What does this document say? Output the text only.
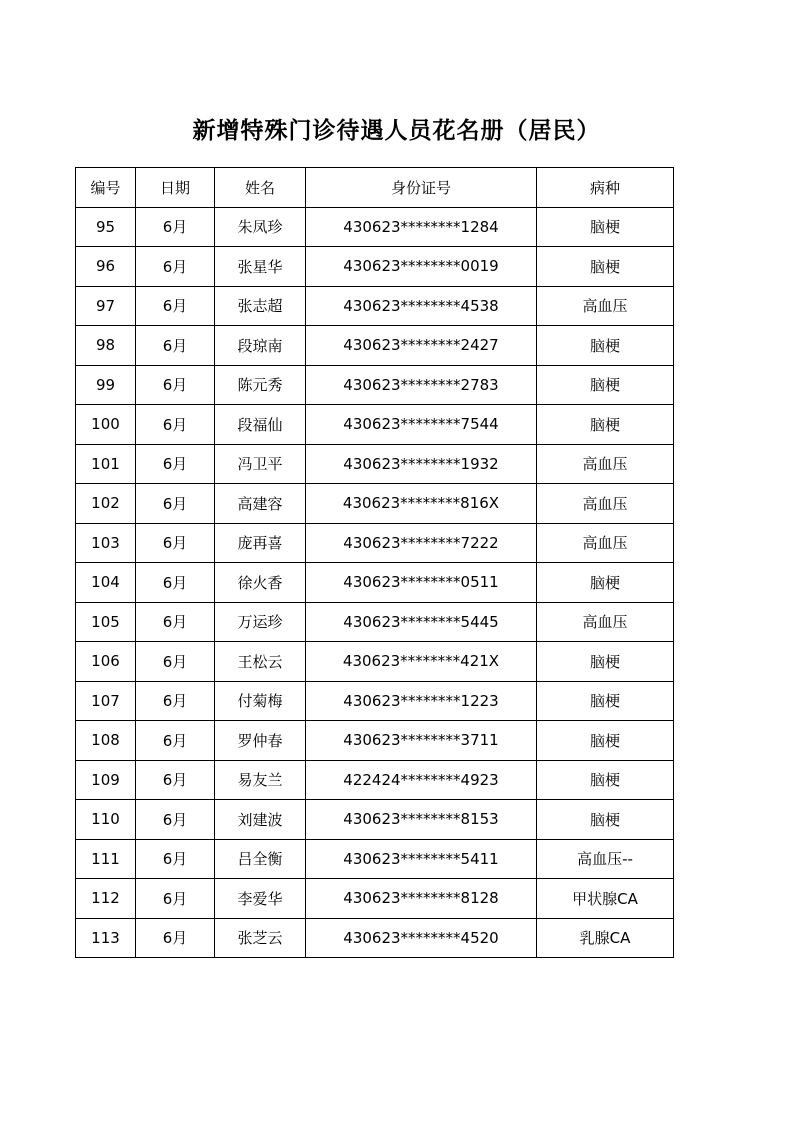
新增特殊门诊待遇人员花名册（居民）
编号	日期	姓名	身份证号	病种
95	6月	朱凤珍	430623********1284	脑梗
96	6月	张星华	430623********0019	脑梗
97	6月	张志超	430623********4538	高血压
98	6月	段琼南	430623********2427	脑梗
99	6月	陈元秀	430623********2783	脑梗
100	6月	段福仙	430623********7544	脑梗
101	6月	冯卫平	430623********1932	高血压
102	6月	高建容	430623********816X	高血压
103	6月	庞再喜	430623********7222	高血压
104	6月	徐火香	430623********0511	脑梗
105	6月	万运珍	430623********5445	高血压
106	6月	王松云	430623********421X	脑梗
107	6月	付菊梅	430623********1223	脑梗
108	6月	罗仲春	430623********3711	脑梗
109	6月	易友兰	422424********4923	脑梗
110	6月	刘建波	430623********8153	脑梗
111	6月	吕全衡	430623********5411	高血压--
112	6月	李爱华	430623********8128	甲状腺CA
113	6月	张芝云	430623********4520	乳腺CA
